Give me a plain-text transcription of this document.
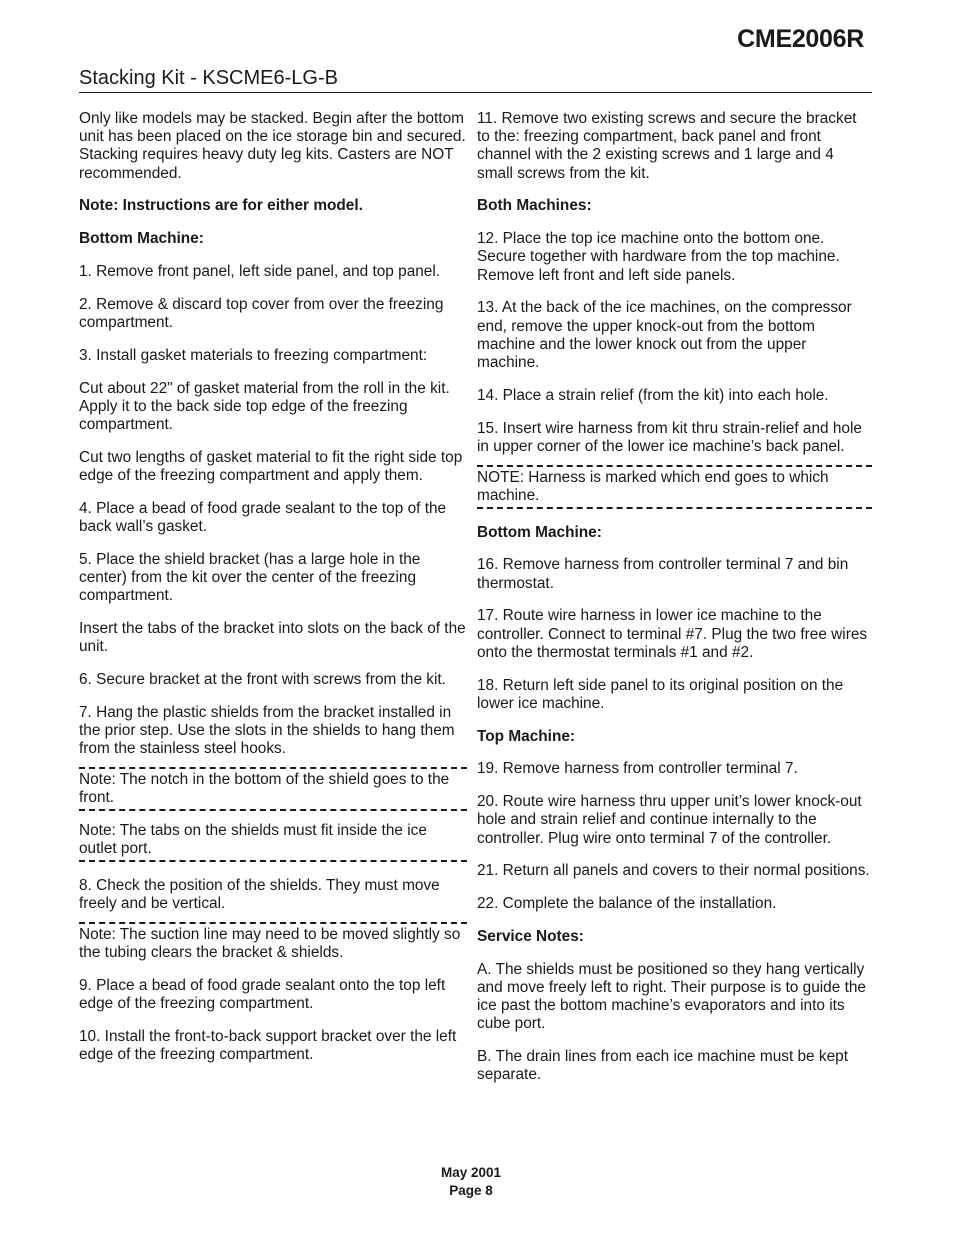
CME2006R
Stacking Kit - KSCME6-LG-B

Only like models may be stacked. Begin after the bottom unit has been placed on the ice storage bin and secured. Stacking requires heavy duty leg kits. Casters are NOT recommended.

Note: Instructions are for either model.

Bottom Machine:

1. Remove front panel, left side panel, and top panel.

2. Remove & discard top cover from over the freezing compartment.

3. Install gasket materials to freezing compartment:

Cut about 22" of gasket material from the roll in the kit. Apply it to the back side top edge of the freezing compartment.

Cut two lengths of gasket material to fit the right side top edge of the freezing compartment and apply them.

4. Place a bead of food grade sealant to the top of the back wall’s gasket.

5. Place the shield bracket (has a large hole in the center) from the kit over the center of the freezing compartment.

Insert the tabs of the bracket into slots on the back of the unit.

6. Secure bracket at the front with screws from the kit.

7. Hang the plastic shields from the bracket installed in the prior step. Use the slots in the shields to hang them from the stainless steel hooks.

Note: The notch in the bottom of the shield goes to the front.
Note: The tabs on the shields must fit inside the ice outlet port.

8. Check the position of the shields. They must move freely and be vertical.

Note: The suction line may need to be moved slightly so the tubing clears the bracket & shields.

9. Place a bead of food grade sealant onto the top left edge of the freezing compartment.

10. Install the front-to-back support bracket over the left edge of the freezing compartment.

11. Remove two existing screws and secure the bracket to the: freezing compartment, back panel and front channel with the 2 existing screws and 1 large and 4 small screws from the kit.

Both Machines:

12. Place the top ice machine onto the bottom one. Secure together with hardware from the top machine. Remove left front and left side panels.

13. At the back of the ice machines, on the compressor end, remove the upper knock-out from the bottom machine and the lower knock out from the upper machine.

14. Place a strain relief (from the kit) into each hole.

15. Insert wire harness from kit thru strain-relief and hole in upper corner of the lower ice machine’s back panel.

NOTE: Harness is marked which end goes to which machine.

Bottom Machine:

16. Remove harness from controller terminal 7 and bin thermostat.

17. Route wire harness in lower ice machine to the controller. Connect to terminal #7. Plug the two free wires onto the thermostat terminals #1 and #2.

18. Return left side panel to its original position on the lower ice machine.

Top Machine:

19. Remove harness from controller terminal 7.

20. Route wire harness thru upper unit’s lower knock-out hole and strain relief and continue internally to the controller. Plug wire onto terminal 7 of the controller.

21. Return all panels and covers to their normal positions.

22. Complete the balance of the installation.

Service Notes:

A. The shields must be positioned so they hang vertically and move freely left to right. Their purpose is to guide the ice past the bottom machine’s evaporators and into its cube port.

B. The drain lines from each ice machine must be kept separate.

May 2001
Page 8
